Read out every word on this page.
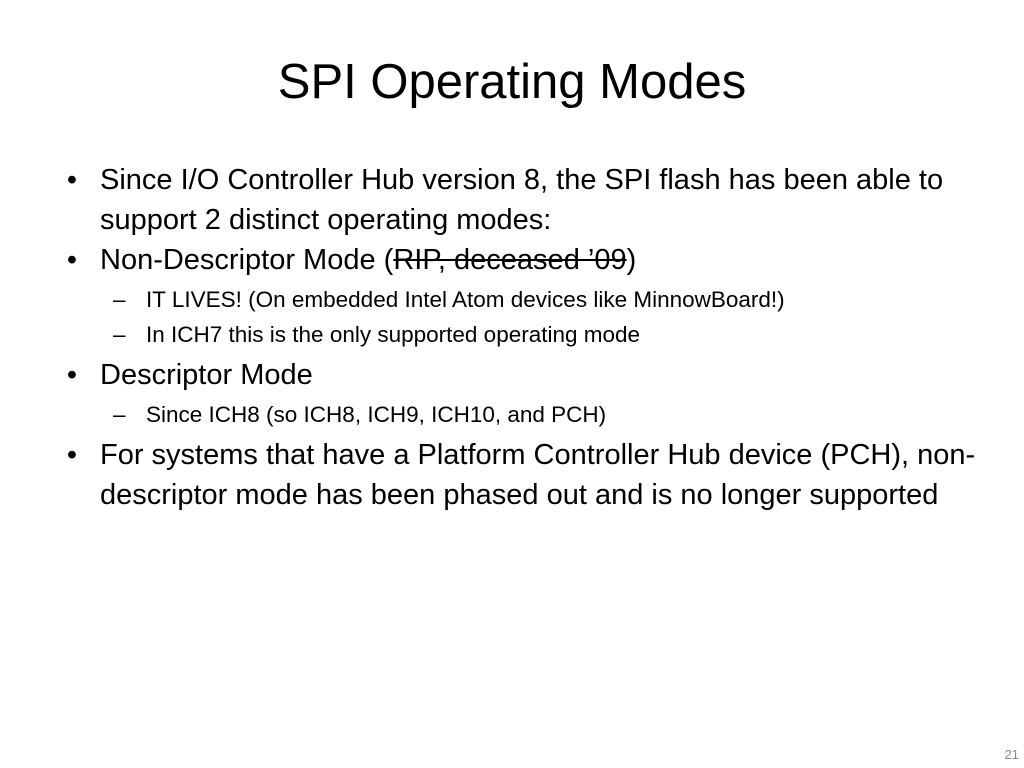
SPI Operating Modes
• Since I/O Controller Hub version 8, the SPI flash has been able to support 2 distinct operating modes:
• Non-Descriptor Mode (RIP, deceased ’09)
– IT LIVES! (On embedded Intel Atom devices like MinnowBoard!)
– In ICH7 this is the only supported operating mode
• Descriptor Mode
– Since ICH8 (so ICH8, ICH9, ICH10, and PCH)
• For systems that have a Platform Controller Hub device (PCH), non-descriptor mode has been phased out and is no longer supported
21
